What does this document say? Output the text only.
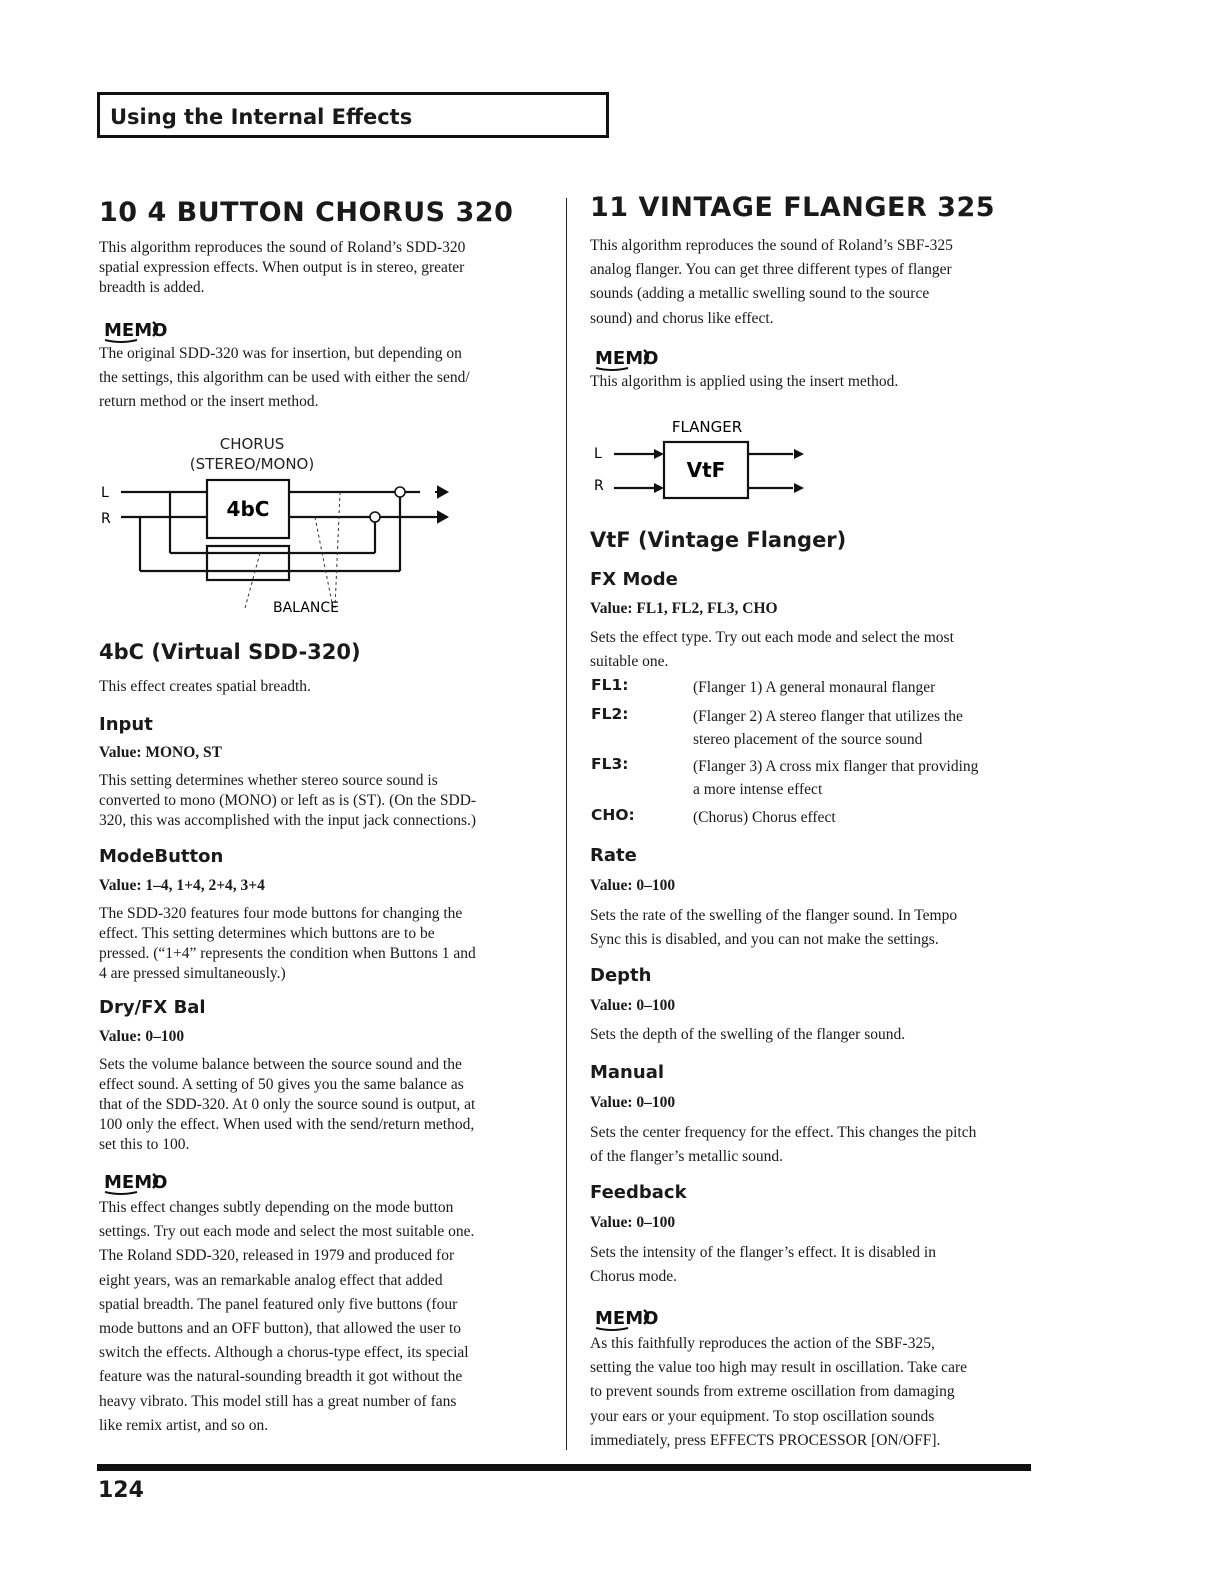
Using the Internal Effects
10 4 BUTTON CHORUS 320

This algorithm reproduces the sound of Roland’s SDD-320

spatial expression effects. When output is in stereo, greater

breadth is added.

MEMO

The original SDD-320 was for insertion, but depending on

the settings, this algorithm can be used with either the send/

return method or the insert method.

CHORUS
(STEREO/MONO)
L
R	4bC
BALANCE
4bC (Virtual SDD-320)

This effect creates spatial breadth.

Input
Value: MONO, ST

This setting determines whether stereo source sound is

converted to mono (MONO) or left as is (ST). (On the SDD-

320, this was accomplished with the input jack connections.)

ModeButton
Value: 1–4, 1+4, 2+4, 3+4

The SDD-320 features four mode buttons for changing the

effect. This setting determines which buttons are to be

pressed. (“1+4” represents the condition when Buttons 1 and

4 are pressed simultaneously.)

Dry/FX Bal
Value: 0–100

Sets the volume balance between the source sound and the

effect sound. A setting of 50 gives you the same balance as

that of the SDD-320. At 0 only the source sound is output, at

100 only the effect. When used with the send/return method,

set this to 100.

MEMO

This effect changes subtly depending on the mode button

settings. Try out each mode and select the most suitable one.

The Roland SDD-320, released in 1979 and produced for

eight years, was an remarkable analog effect that added

spatial breadth. The panel featured only five buttons (four

mode buttons and an OFF button), that allowed the user to

switch the effects. Although a chorus-type effect, its special

feature was the natural-sounding breadth it got without the

heavy vibrato. This model still has a great number of fans

like remix artist, and so on.

11 VINTAGE FLANGER 325

This algorithm reproduces the sound of Roland’s SBF-325

analog flanger. You can get three different types of flanger

sounds (adding a metallic swelling sound to the source

sound) and chorus like effect.

MEMO

This algorithm is applied using the insert method.

FLANGER
L
R
VtF
VtF (Vintage Flanger)
FX Mode
Value: FL1, FL2, FL3, CHO

Sets the effect type. Try out each mode and select the most

suitable one.

FL1:	(Flanger 1) A general monaural flanger
FL2:	(Flanger 2) A stereo flanger that utilizes the
stereo placement of the source sound
FL3:	(Flanger 3) A cross mix flanger that providing
a more intense effect
CHO:	(Chorus) Chorus effect
Rate
Value: 0–100

Sets the rate of the swelling of the flanger sound. In Tempo

Sync this is disabled, and you can not make the settings.

Depth
Value: 0–100

Sets the depth of the swelling of the flanger sound.

Manual
Value: 0–100

Sets the center frequency for the effect. This changes the pitch

of the flanger’s metallic sound.

Feedback
Value: 0–100

Sets the intensity of the flanger’s effect. It is disabled in

Chorus mode.

MEMO

As this faithfully reproduces the action of the SBF-325,

setting the value too high may result in oscillation. Take care

to prevent sounds from extreme oscillation from damaging

your ears or your equipment. To stop oscillation sounds

immediately, press EFFECTS PROCESSOR [ON/OFF].

124
